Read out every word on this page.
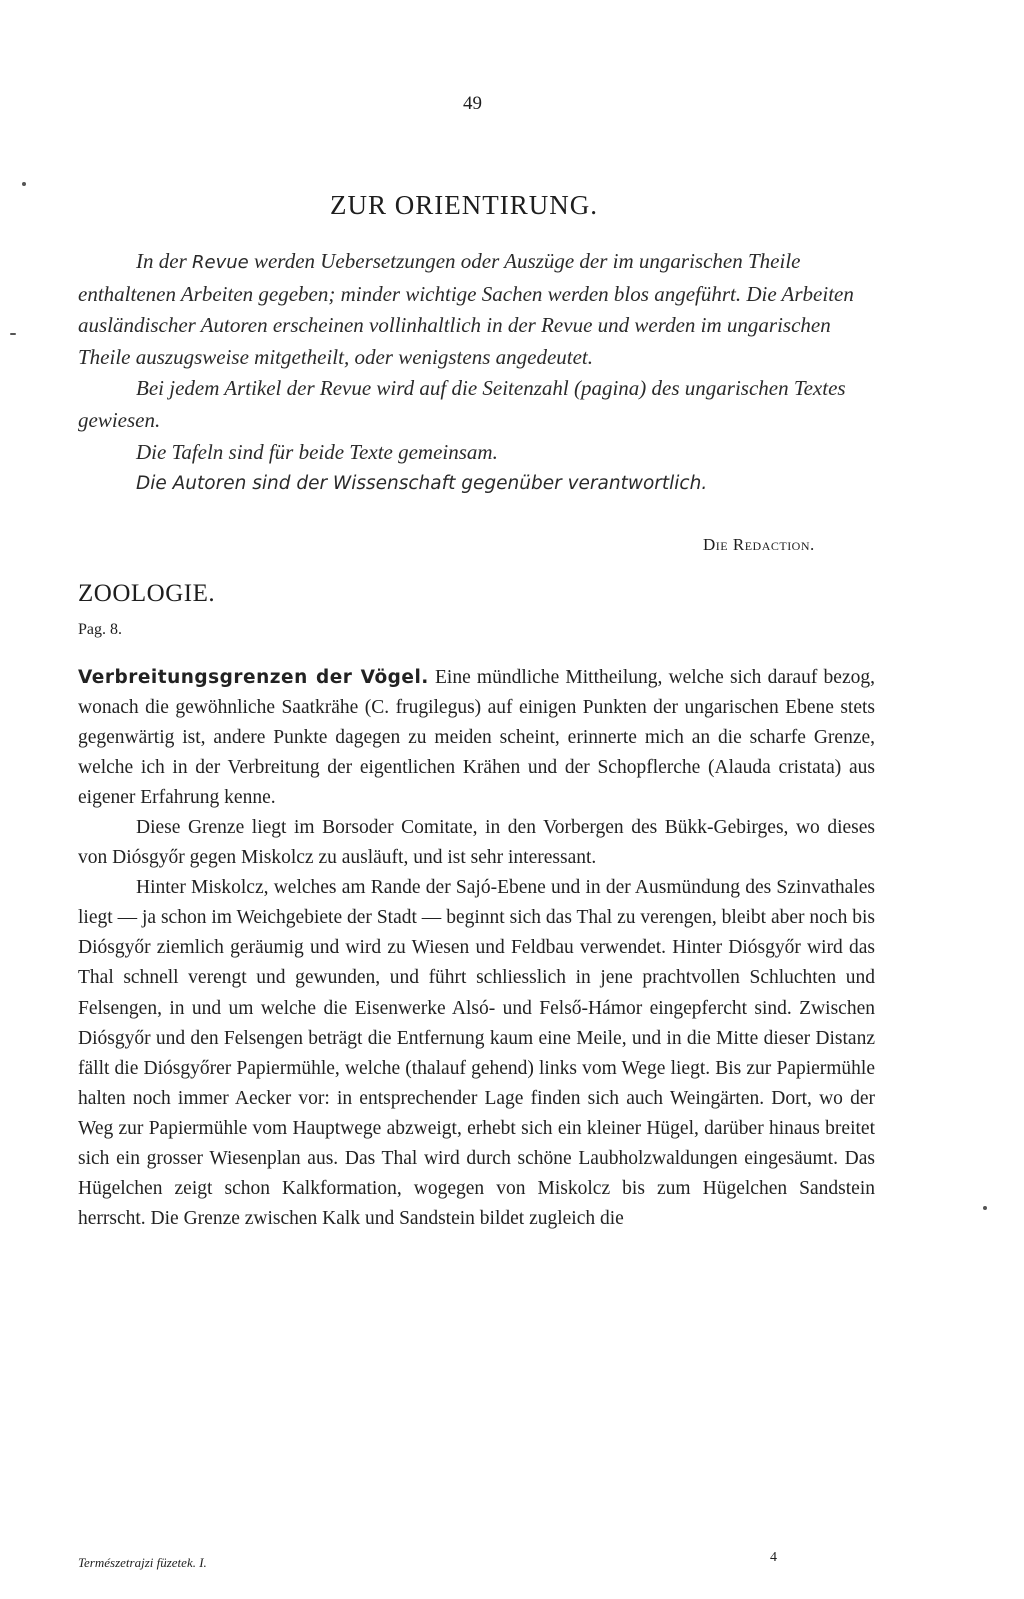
49
ZUR ORIENTIRUNG.

In der Revue werden Uebersetzungen oder Auszüge der im ungarischen Theile enthaltenen Arbeiten gegeben; minder wichtige Sachen werden blos angeführt. Die Arbeiten ausländischer Autoren erscheinen vollinhaltlich in der Revue und werden im ungarischen Theile auszugsweise mitgetheilt, oder wenigstens angedeutet.

Bei jedem Artikel der Revue wird auf die Seitenzahl (pagina) des ungarischen Textes gewiesen.

Die Tafeln sind für beide Texte gemeinsam.

Die Autoren sind der Wissenschaft gegenüber verantwortlich.

Die Redaction.
ZOOLOGIE.
Pag. 8.

Verbreitungsgrenzen der Vögel. Eine mündliche Mittheilung, welche sich darauf bezog, wonach die gewöhnliche Saatkrähe (C. frugilegus) auf einigen Punkten der ungarischen Ebene stets gegenwärtig ist, andere Punkte dagegen zu meiden scheint, erinnerte mich an die scharfe Grenze, welche ich in der Verbreitung der eigentlichen Krähen und der Schopflerche (Alauda cristata) aus eigener Erfahrung kenne.

Diese Grenze liegt im Borsoder Comitate, in den Vorbergen des Bükk-Gebirges, wo dieses von Diósgyőr gegen Miskolcz zu ausläuft, und ist sehr interessant.

Hinter Miskolcz, welches am Rande der Sajó-Ebene und in der Ausmündung des Szinvathales liegt — ja schon im Weichgebiete der Stadt — beginnt sich das Thal zu verengen, bleibt aber noch bis Diósgyőr ziemlich geräumig und wird zu Wiesen und Feldbau verwendet. Hinter Diósgyőr wird das Thal schnell verengt und gewunden, und führt schliesslich in jene prachtvollen Schluchten und Felsengen, in und um welche die Eisenwerke Alsó- und Felső-Hámor eingepfercht sind. Zwischen Diósgyőr und den Felsengen beträgt die Entfernung kaum eine Meile, und in die Mitte dieser Distanz fällt die Diósgyőrer Papiermühle, welche (thalauf gehend) links vom Wege liegt. Bis zur Papiermühle halten noch immer Aecker vor: in entsprechender Lage finden sich auch Weingärten. Dort, wo der Weg zur Papiermühle vom Hauptwege abzweigt, erhebt sich ein kleiner Hügel, darüber hinaus breitet sich ein grosser Wiesenplan aus. Das Thal wird durch schöne Laubholzwaldungen eingesäumt. Das Hügelchen zeigt schon Kalkformation, wogegen von Miskolcz bis zum Hügelchen Sandstein herrscht. Die Grenze zwischen Kalk und Sandstein bildet zugleich die

Természetrajzi füzetek. I.	4
